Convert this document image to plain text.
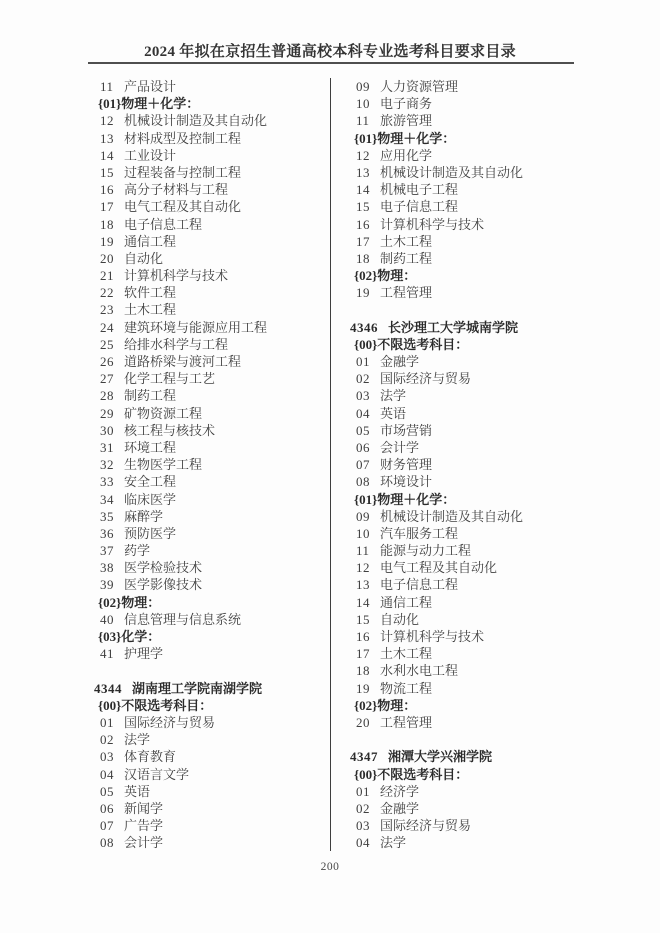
2024 年拟在京招生普通高校本科专业选考科目要求目录
11 产品设计
{01}物理＋化学：
12 机械设计制造及其自动化
13 材料成型及控制工程
14 工业设计
15 过程装备与控制工程
16 高分子材料与工程
17 电气工程及其自动化
18 电子信息工程
19 通信工程
20 自动化
21 计算机科学与技术
22 软件工程
23 土木工程
24 建筑环境与能源应用工程
25 给排水科学与工程
26 道路桥梁与渡河工程
27 化学工程与工艺
28 制药工程
29 矿物资源工程
30 核工程与核技术
31 环境工程
32 生物医学工程
33 安全工程
34 临床医学
35 麻醉学
36 预防医学
37 药学
38 医学检验技术
39 医学影像技术
{02}物理：
40 信息管理与信息系统
{03}化学：
41 护理学
4344 湖南理工学院南湖学院
{00}不限选考科目：
01 国际经济与贸易
02 法学
03 体育教育
04 汉语言文学
05 英语
06 新闻学
07 广告学
08 会计学
09 人力资源管理
10 电子商务
11 旅游管理
{01}物理＋化学：
12 应用化学
13 机械设计制造及其自动化
14 机械电子工程
15 电子信息工程
16 计算机科学与技术
17 土木工程
18 制药工程
{02}物理：
19 工程管理
4346 长沙理工大学城南学院
{00}不限选考科目：
01 金融学
02 国际经济与贸易
03 法学
04 英语
05 市场营销
06 会计学
07 财务管理
08 环境设计
{01}物理＋化学：
09 机械设计制造及其自动化
10 汽车服务工程
11 能源与动力工程
12 电气工程及其自动化
13 电子信息工程
14 通信工程
15 自动化
16 计算机科学与技术
17 土木工程
18 水利水电工程
19 物流工程
{02}物理：
20 工程管理
4347 湘潭大学兴湘学院
{00}不限选考科目：
01 经济学
02 金融学
03 国际经济与贸易
04 法学
200
